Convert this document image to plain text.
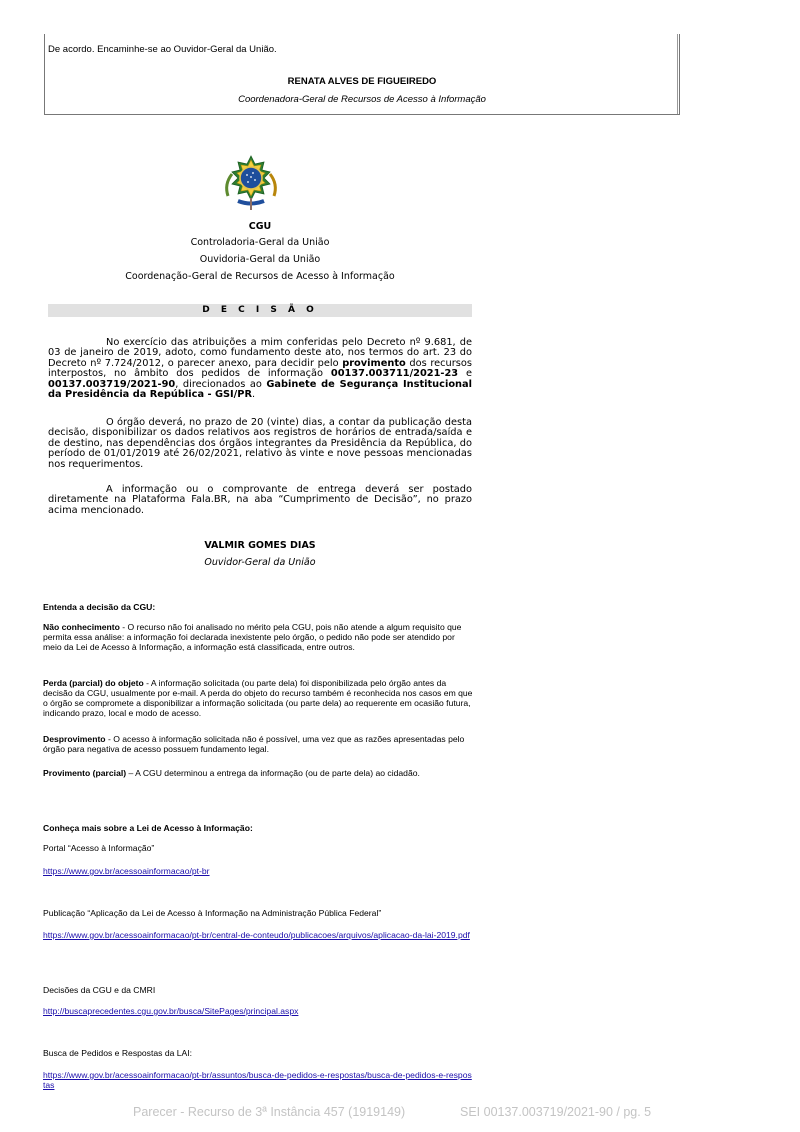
De acordo. Encaminhe-se ao Ouvidor-Geral da União.
RENATA ALVES DE FIGUEIREDO
Coordenadora-Geral de Recursos de Acesso à Informação
CGU
Controladoria-Geral da União
Ouvidoria-Geral da União
Coordenação-Geral de Recursos de Acesso à Informação
D E C I S Ã O
No exercício das atribuições a mim conferidas pelo Decreto nº 9.681, de 03 de janeiro de 2019, adoto, como fundamento deste ato, nos termos do art. 23 do Decreto nº 7.724/2012, o parecer anexo, para decidir pelo provimento dos recursos interpostos, no âmbito dos pedidos de informação 00137.003711/2021-23 e 00137.003719/2021-90, direcionados ao Gabinete de Segurança Institucional da Presidência da República - GSI/PR.
O órgão deverá, no prazo de 20 (vinte) dias, a contar da publicação desta decisão, disponibilizar os dados relativos aos registros de horários de entrada/saída e de destino, nas dependências dos órgãos integrantes da Presidência da República, do período de 01/01/2019 até 26/02/2021, relativo às vinte e nove pessoas mencionadas nos requerimentos.
A informação ou o comprovante de entrega deverá ser postado diretamente na Plataforma Fala.BR, na aba “Cumprimento de Decisão”, no prazo acima mencionado.
VALMIR GOMES DIAS
Ouvidor-Geral da União
Entenda a decisão da CGU:
Não conhecimento - O recurso não foi analisado no mérito pela CGU, pois não atende a algum requisito que permita essa análise: a informação foi declarada inexistente pelo órgão, o pedido não pode ser atendido por meio da Lei de Acesso à Informação, a informação está classificada, entre outros.
Perda (parcial) do objeto - A informação solicitada (ou parte dela) foi disponibilizada pelo órgão antes da decisão da CGU, usualmente por e-mail. A perda do objeto do recurso também é reconhecida nos casos em que o órgão se compromete a disponibilizar a informação solicitada (ou parte dela) ao requerente em ocasião futura, indicando prazo, local e modo de acesso.
Desprovimento - O acesso à informação solicitada não é possível, uma vez que as razões apresentadas pelo órgão para negativa de acesso possuem fundamento legal.
Provimento (parcial) – A CGU determinou a entrega da informação (ou de parte dela) ao cidadão.
Conheça mais sobre a Lei de Acesso à Informação:
Portal “Acesso à Informação”
https://www.gov.br/acessoainformacao/pt-br
Publicação “Aplicação da Lei de Acesso à Informação na Administração Pública Federal”
https://www.gov.br/acessoainformacao/pt-br/central-de-conteudo/publicacoes/arquivos/aplicacao-da-lai-2019.pdf
Decisões da CGU e da CMRI
http://buscaprecedentes.cgu.gov.br/busca/SitePages/principal.aspx
Busca de Pedidos e Respostas da LAI:
https://www.gov.br/acessoainformacao/pt-br/assuntos/busca-de-pedidos-e-respostas/busca-de-pedidos-e-respostas
Parecer - Recurso de 3ª Instância 457 (1919149)	SEI 00137.003719/2021-90 / pg. 5
